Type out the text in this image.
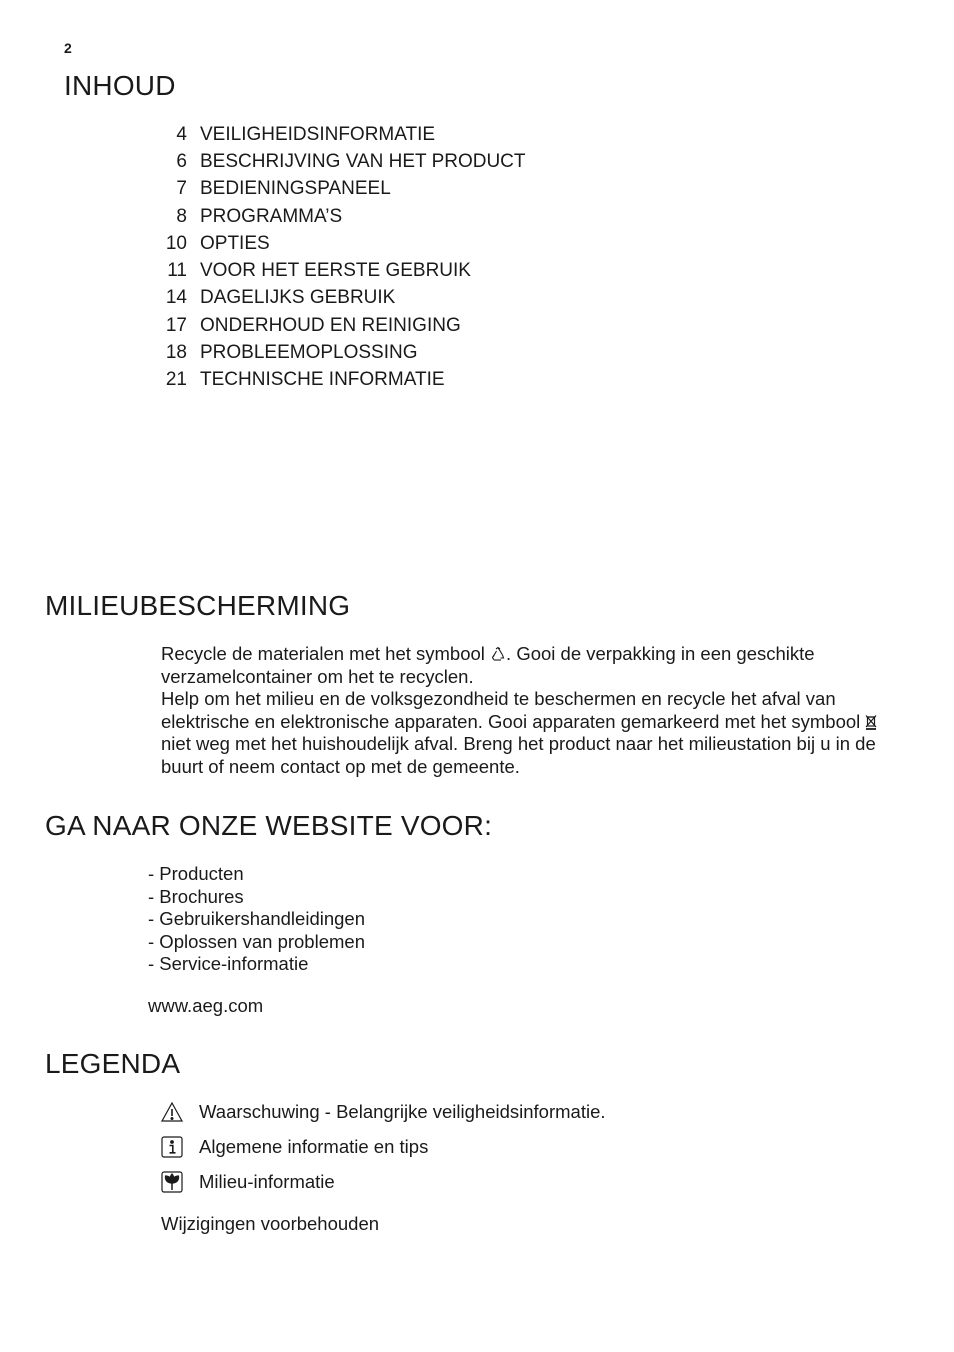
2
INHOUD
4 VEILIGHEIDSINFORMATIE
6 BESCHRIJVING VAN HET PRODUCT
7 BEDIENINGSPANEEL
8 PROGRAMMA’S
10 OPTIES
11 VOOR HET EERSTE GEBRUIK
14 DAGELIJKS GEBRUIK
17 ONDERHOUD EN REINIGING
18 PROBLEEMOPLOSSING
21 TECHNISCHE INFORMATIE
MILIEUBESCHERMING
Recycle de materialen met het symbool . Gooi de verpakking in een geschikte verzamelcontainer om het te recyclen.
Help om het milieu en de volksgezondheid te beschermen en recycle het afval van elektrische en elektronische apparaten. Gooi apparaten gemarkeerd met het symbool  niet weg met het huishoudelijk afval. Breng het product naar het milieustation bij u in de buurt of neem contact op met de gemeente.
GA NAAR ONZE WEBSITE VOOR:
- Producten
- Brochures
- Gebruikershandleidingen
- Oplossen van problemen
- Service-informatie
www.aeg.com
LEGENDA
Waarschuwing - Belangrijke veiligheidsinformatie.
Algemene informatie en tips
Milieu-informatie
Wijzigingen voorbehouden
